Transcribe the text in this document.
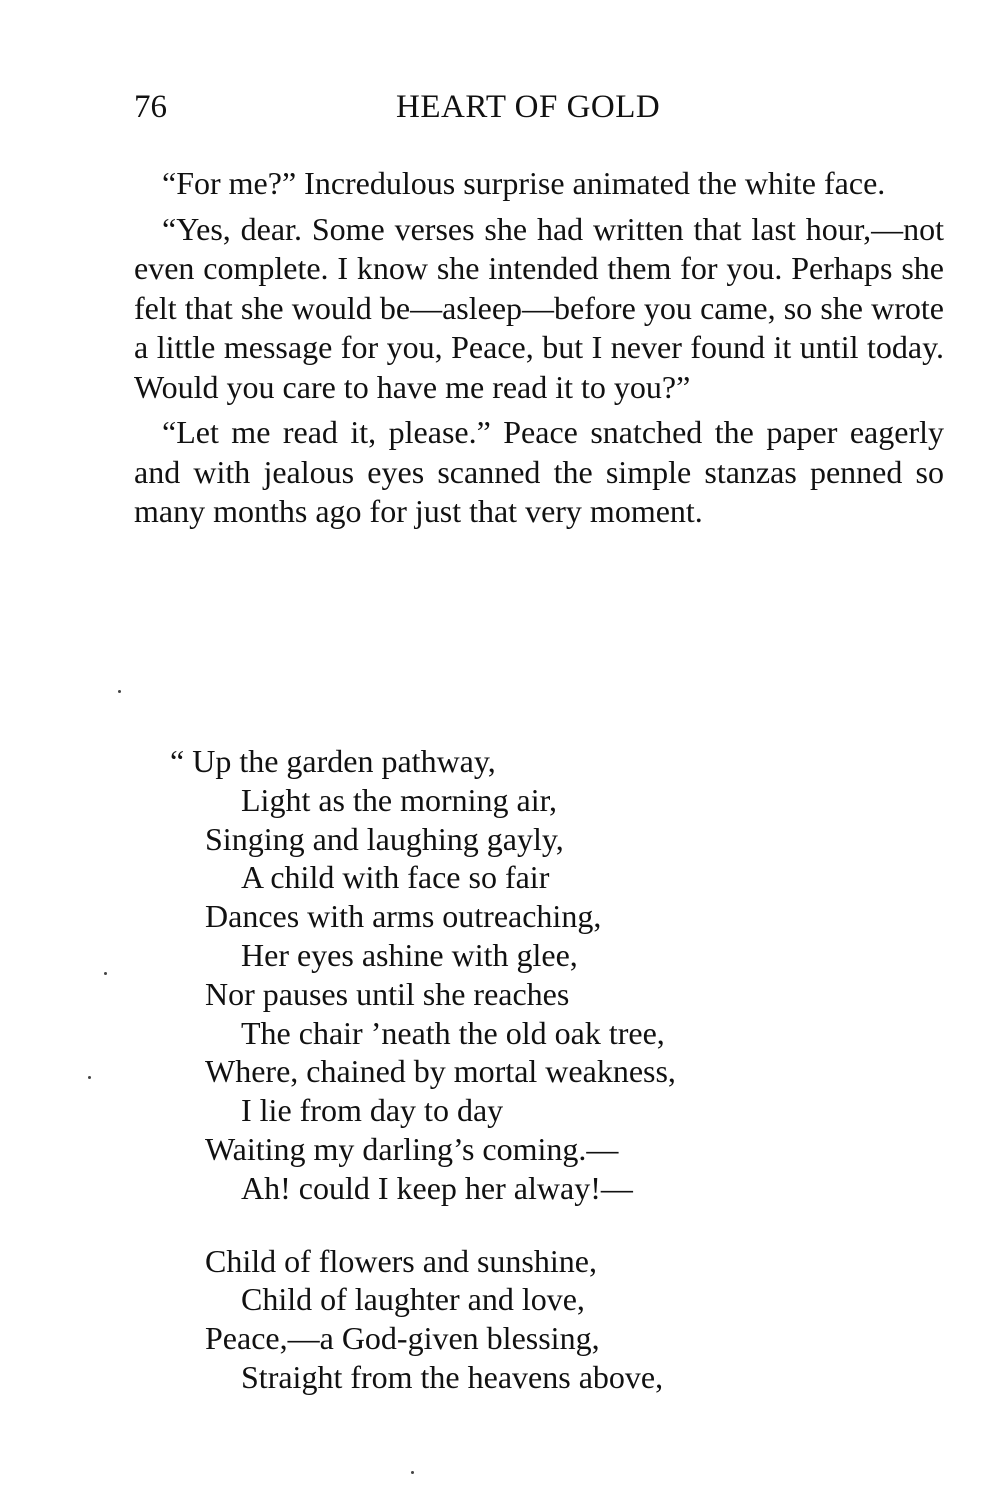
76	HEART OF GOLD

“For me?” Incredulous surprise animated the white face.

“Yes, dear. Some verses she had written that last hour,—not even complete. I know she intended them for you. Perhaps she felt that she would be—asleep—before you came, so she wrote a little message for you, Peace, but I never found it until today. Would you care to have me read it to you?”

“Let me read it, please.” Peace snatched the paper eagerly and with jealous eyes scanned the simple stanzas penned so many months ago for just that very moment.

“ Up the garden pathway,
Light as the morning air,
Singing and laughing gayly,
A child with face so fair
Dances with arms outreaching,
Her eyes ashine with glee,
Nor pauses until she reaches
The chair ’neath the old oak tree,
Where, chained by mortal weakness,
I lie from day to day
Waiting my darling’s coming.—
Ah! could I keep her alway!—
Child of flowers and sunshine,
Child of laughter and love,
Peace,—a God-given blessing,
Straight from the heavens above,
